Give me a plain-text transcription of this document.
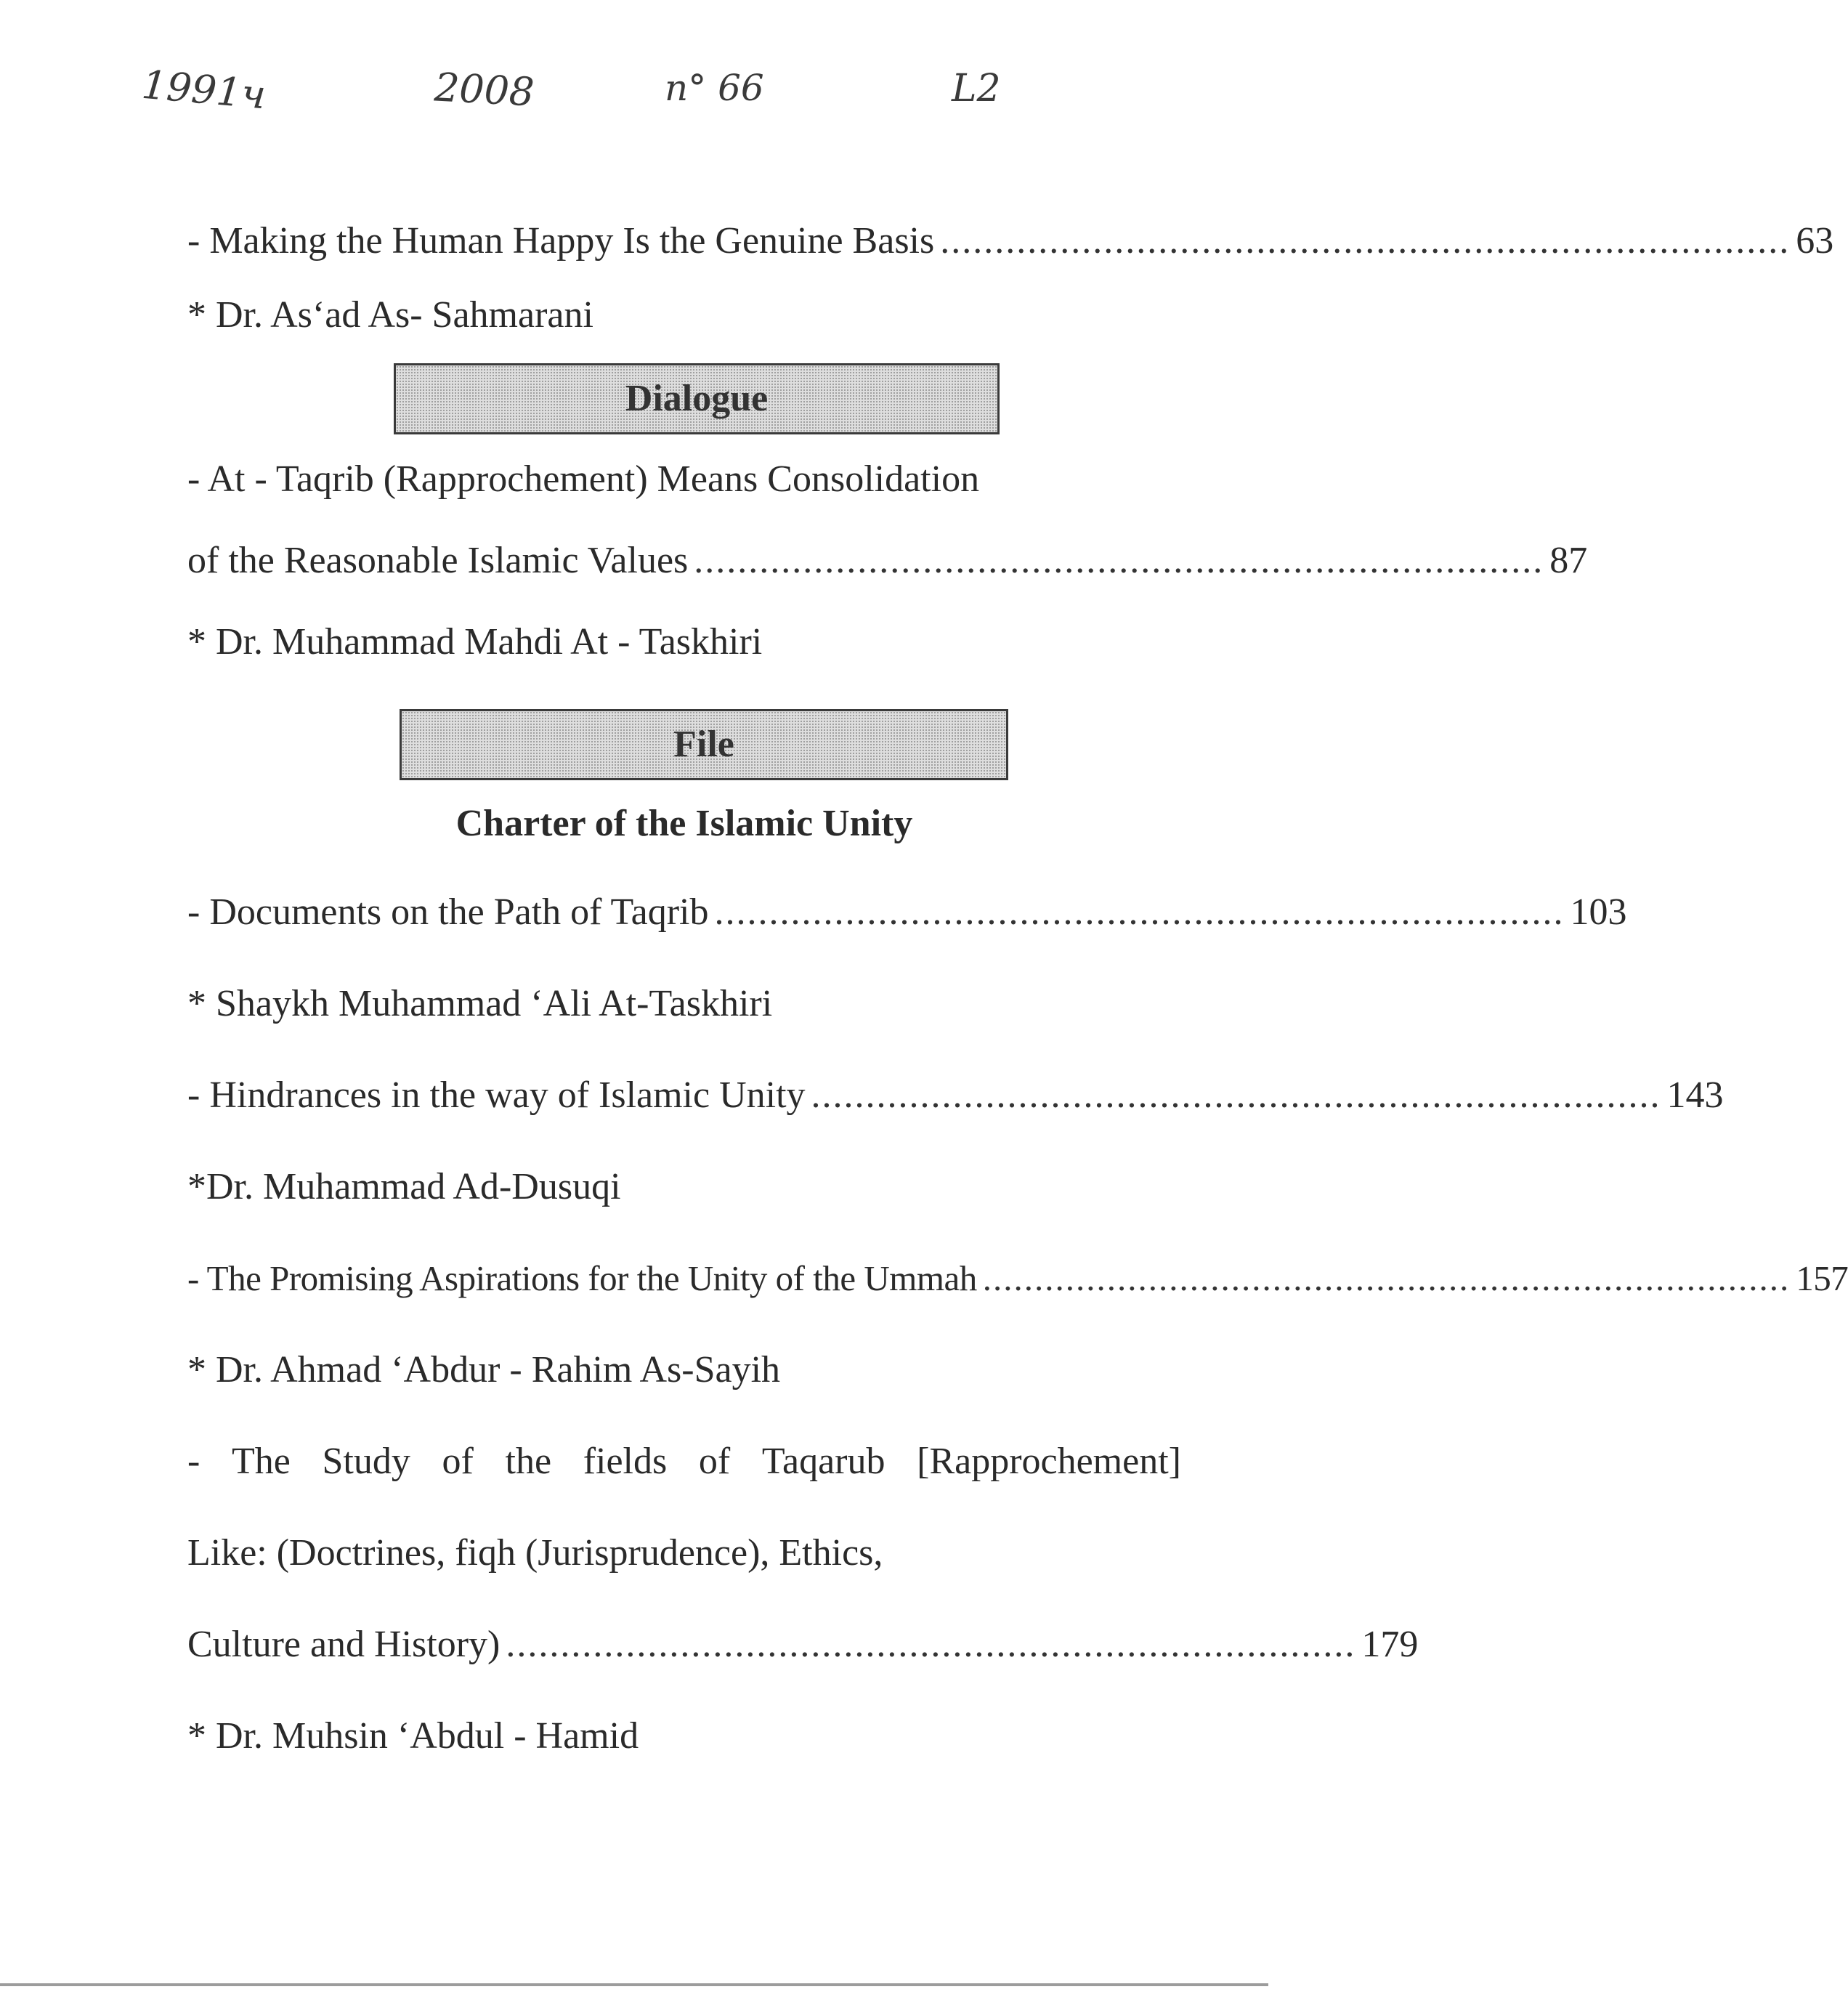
1991ч	2008	n° 66	L2
- Making the Human Happy Is the Genuine Basis .............................................................................. 63
* Dr. As‘ad As- Sahmarani
Dialogue
- At - Taqrib (Rapprochement) Means Consolidation
of the Reasonable Islamic Values .............................................................................. 87
* Dr. Muhammad Mahdi At - Taskhiri
File
Charter of the Islamic Unity
- Documents on the Path of Taqrib .............................................................................. 103
* Shaykh Muhammad ‘Ali At-Taskhiri
- Hindrances in the way of Islamic Unity .............................................................................. 143
*Dr. Muhammad Ad-Dusuqi
- The Promising Aspirations for the Unity of the Ummah .............................................................................. 157
* Dr. Ahmad ‘Abdur - Rahim As-Sayih
- The Study of the fields of Taqarub [Rapprochement]
Like: (Doctrines, fiqh (Jurisprudence), Ethics,
Culture and History) .............................................................................. 179
* Dr. Muhsin ‘Abdul - Hamid
